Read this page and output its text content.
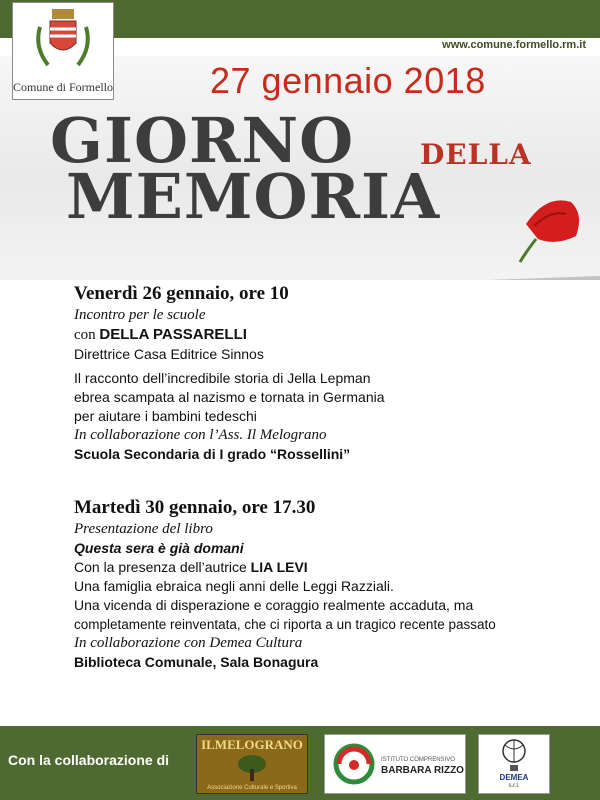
www.comune.formello.rm.it
Comune di Formello	27 gennaio 2018
GIORNO DELLA
MEMORIA
Venerdì 26 gennaio, ore 10
Incontro per le scuole
con DELLA PASSARELLI
Direttrice Casa Editrice Sinnos
Il racconto dell’incredibile storia di Jella Lepman
ebrea scampata al nazismo e tornata in Germania
per aiutare i bambini tedeschi
In collaborazione con l’Ass. Il Melograno
Scuola Secondaria di I grado “Rossellini”
Martedì 30 gennaio, ore 17.30
Presentazione del libro
Questa sera è già domani
Con la presenza dell’autrice LIA LEVI
Una famiglia ebraica negli anni delle Leggi Razziali.
Una vicenda di disperazione e coraggio realmente accaduta, ma
completamente reinventata, che ci riporta a un tragico recente passato
In collaborazione con Demea Cultura
Biblioteca Comunale, Sala Bonagura
Con la collaborazione di
ILMELOGRANO
Associazione Culturale e Sportiva
ISTITUTO COMPRENSIVO
BARBARA RIZZO
DEMEA
s.r.l.
